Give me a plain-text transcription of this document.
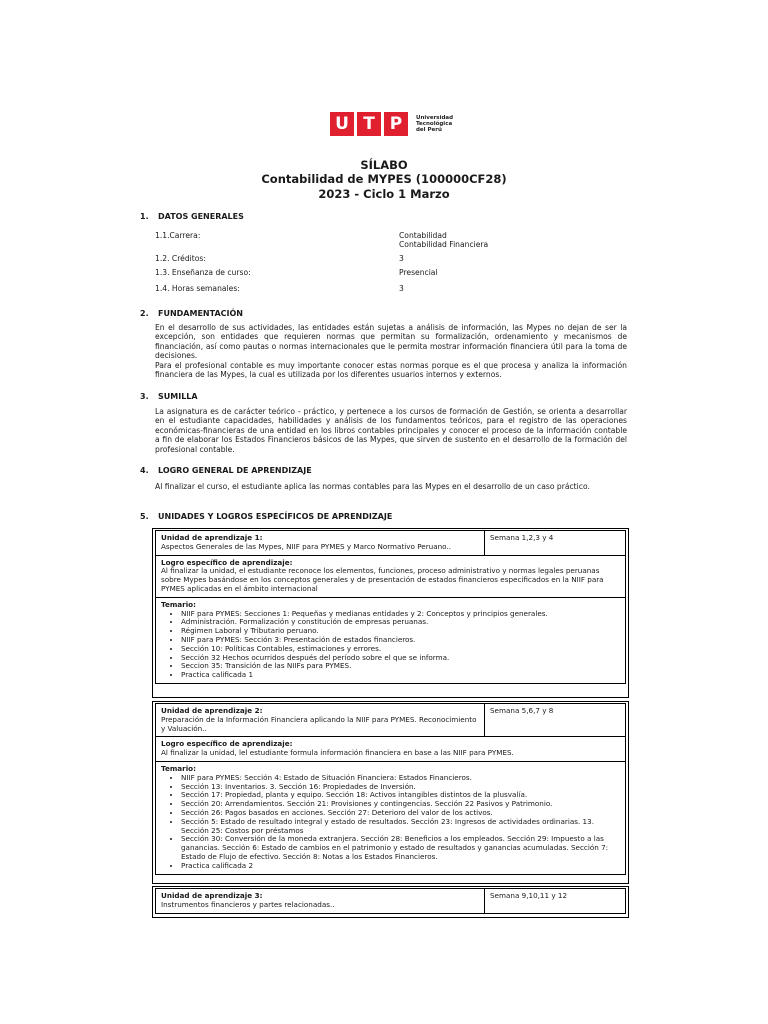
U T P	Universidad
Tecnológica
del Perú
SÍLABO
Contabilidad de MYPES (100000CF28)
2023 - Ciclo 1 Marzo
1. DATOS GENERALES
1.1.Carrera:	Contabilidad
Contabilidad Financiera
1.2. Créditos:	3
1.3. Enseñanza de curso:	Presencial
1.4. Horas semanales:	3
2. FUNDAMENTACIÓN
En el desarrollo de sus actividades, las entidades están sujetas a análisis de información, las Mypes no dejan de ser la excepción, son entidades que requieren normas que permitan su formalización, ordenamiento y mecanismos de financiación, así como pautas o normas internacionales que le permita mostrar información financiera útil para la toma de decisiones.
Para el profesional contable es muy importante conocer estas normas porque es el que procesa y analiza la información financiera de las Mypes, la cual es utilizada por los diferentes usuarios internos y externos.
3. SUMILLA
La asignatura es de carácter teórico - práctico, y pertenece a los cursos de formación de Gestión, se orienta a desarrollar en el estudiante capacidades, habilidades y análisis de los fundamentos teóricos, para el registro de las operaciones económicas-financieras de una entidad en los libros contables principales y conocer el proceso de la información contable a fin de elaborar los Estados Financieros básicos de las Mypes, que sirven de sustento en el desarrollo de la formación del profesional contable.
4. LOGRO GENERAL DE APRENDIZAJE
Al finalizar el curso, el estudiante aplica las normas contables para las Mypes en el desarrollo de un caso práctico.
5. UNIDADES Y LOGROS ESPECÍFICOS DE APRENDIZAJE
Unidad de aprendizaje 1:
Aspectos Generales de las Mypes, NIIF para PYMES y Marco Normativo Peruano..
	Semana 1,2,3 y 4

Logro específico de aprendizaje:
Al finalizar la unidad, el estudiante reconoce los elementos, funciones, proceso administrativo y normas legales peruanas sobre Mypes basándose en los conceptos generales y de presentación de estados financieros especificados en la NIIF para PYMES aplicadas en el ámbito internacional

Temario:
• NIIF para PYMES: Secciones 1: Pequeñas y medianas entidades y 2: Conceptos y principios generales.
• Administración. Formalización y constitución de empresas peruanas.
• Régimen Laboral y Tributario peruano.
• NIIF para PYMES: Sección 3: Presentación de estados financieros.
• Sección 10: Políticas Contables, estimaciones y errores.
• Sección 32 Hechos ocurridos después del período sobre el que se informa.
• Seccion 35: Transición de las NIIFs para PYMES.
• Practica calificada 1
Unidad de aprendizaje 2:
Preparación de la Información Financiera aplicando la NIIF para PYMES. Reconocimiento y Valuación..
	Semana 5,6,7 y 8

Logro específico de aprendizaje:
Al finalizar la unidad, lel estudiante formula información financiera en base a las NIIF para PYMES.

Temario:
• NIIF para PYMES: Sección 4: Estado de Situación Financiera: Estados Financieros.
• Sección 13: Inventarios. 3. Sección 16: Propiedades de Inversión.
• Sección 17: Propiedad, planta y equipo. Sección 18: Activos intangibles distintos de la plusvalía.
• Sección 20: Arrendamientos. Sección 21: Provisiones y contingencias. Sección 22 Pasivos y Patrimonio.
• Sección 26: Pagos basados en acciones. Sección 27: Deterioro del valor de los activos.
• Sección 5: Estado de resultado integral y estado de resultados. Sección 23: Ingresos de actividades ordinarias. 13. Sección 25: Costos por préstamos
• Sección 30: Conversión de la moneda extranjera. Sección 28: Beneficios a los empleados. Sección 29: Impuesto a las ganancias. Sección 6: Estado de cambios en el patrimonio y estado de resultados y ganancias acumuladas. Sección 7: Estado de Flujo de efectivo. Sección 8: Notas a los Estados Financieros.
• Practica calificada 2
Unidad de aprendizaje 3:
Instrumentos financieros y partes relacionadas..
	Semana 9,10,11 y 12
